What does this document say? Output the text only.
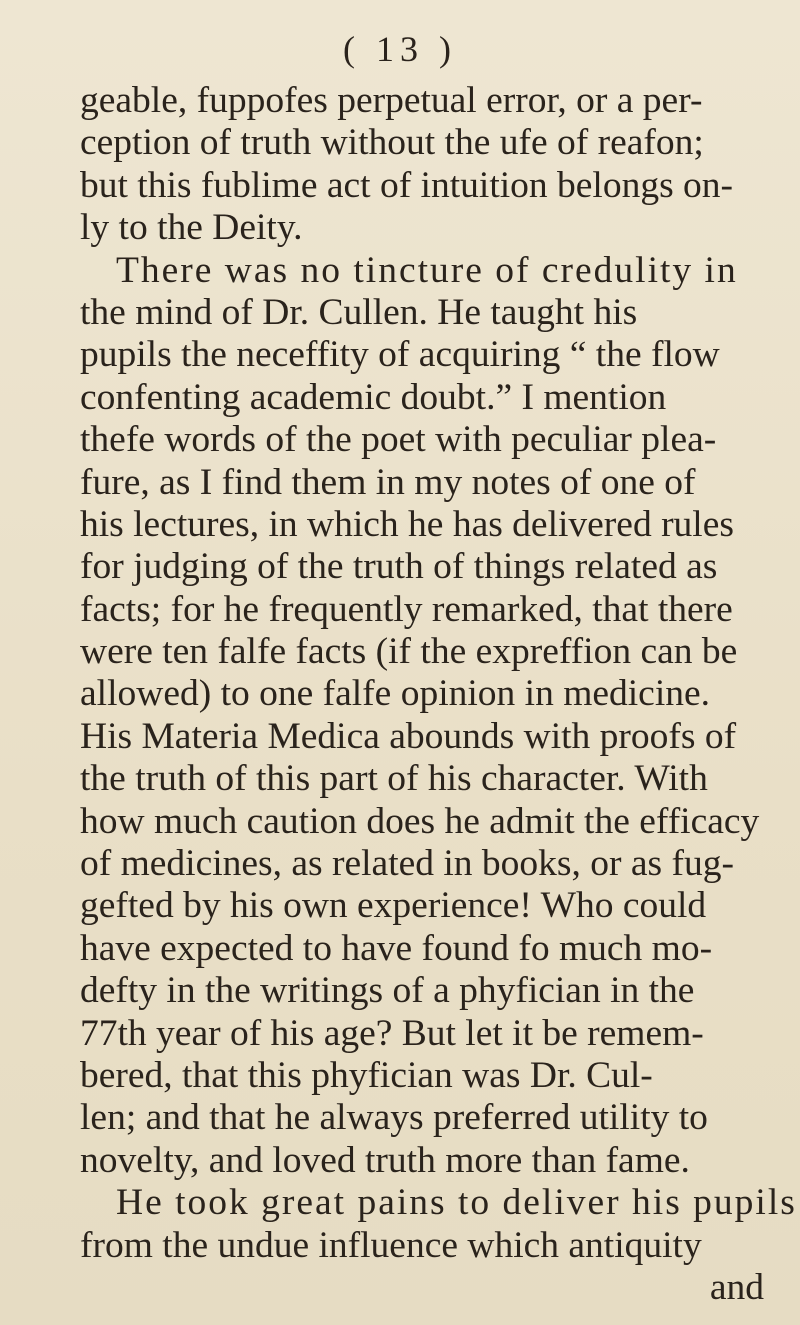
( 13 )
geable, fuppofes perpetual error, or a per-
ception of truth without the ufe of reafon;
but this fublime act of intuition belongs on-
ly to the Deity.
There was no tincture of credulity in
the mind of Dr. Cullen. He taught his
pupils the neceffity of acquiring “ the flow
confenting academic doubt.” I mention
thefe words of the poet with peculiar plea-
fure, as I find them in my notes of one of
his lectures, in which he has delivered rules
for judging of the truth of things related as
facts; for he frequently remarked, that there
were ten falfe facts (if the expreffion can be
allowed) to one falfe opinion in medicine.
His Materia Medica abounds with proofs of
the truth of this part of his character. With
how much caution does he admit the efficacy
of medicines, as related in books, or as fug-
gefted by his own experience! Who could
have expected to have found fo much mo-
defty in the writings of a phyfician in the
77th year of his age? But let it be remem-
bered, that this phyfician was Dr. Cul-
len; and that he always preferred utility to
novelty, and loved truth more than fame.
He took great pains to deliver his pupils
from the undue influence which antiquity
and
